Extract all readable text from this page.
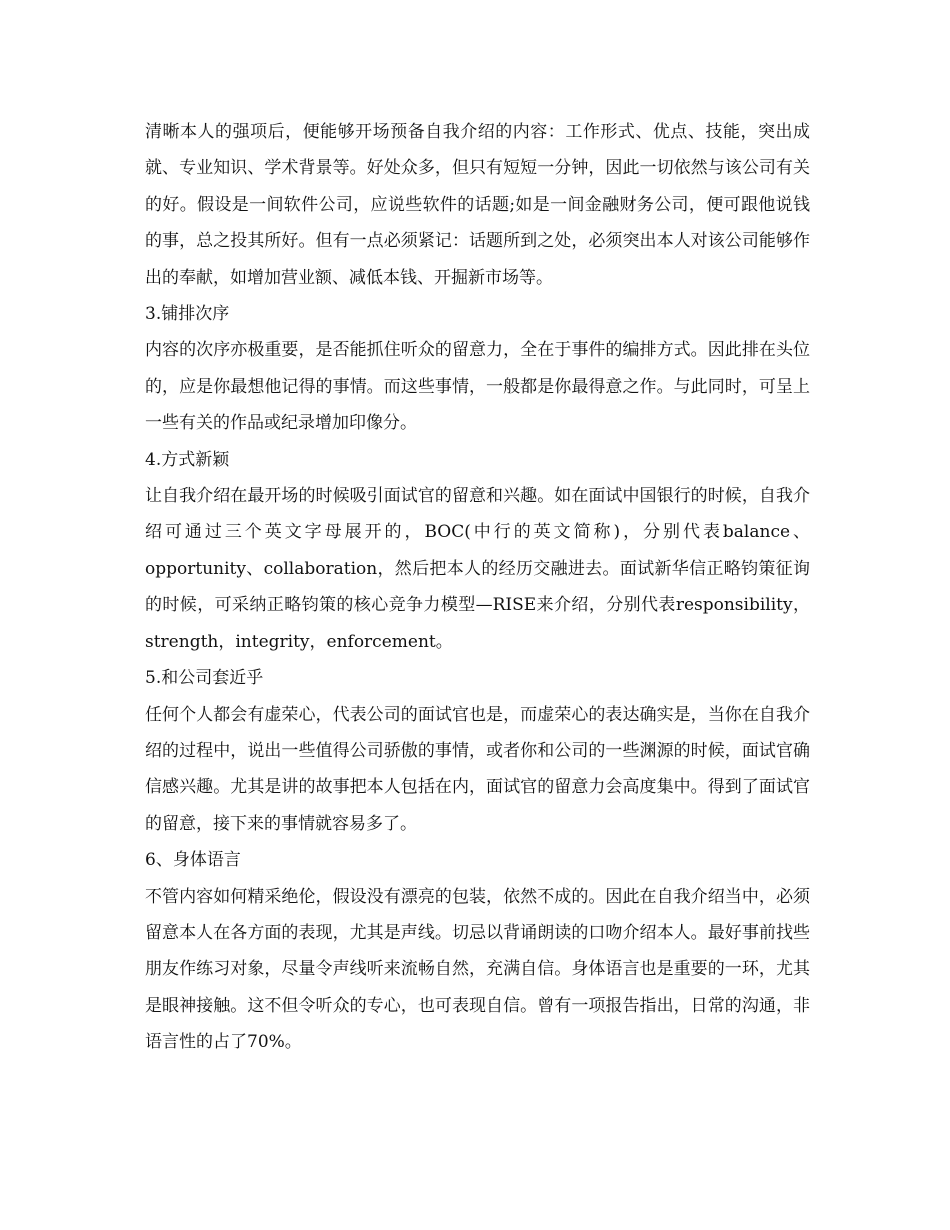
清晰本人的强项后，便能够开场预备自我介绍的内容：工作形式、优点、技能，突出成就、专业知识、学术背景等。好处众多，但只有短短一分钟，因此一切依然与该公司有关的好。假设是一间软件公司，应说些软件的话题;如是一间金融财务公司，便可跟他说钱的事，总之投其所好。但有一点必须紧记：话题所到之处，必须突出本人对该公司能够作出的奉献，如增加营业额、减低本钱、开掘新市场等。

3.铺排次序

内容的次序亦极重要，是否能抓住听众的留意力，全在于事件的编排方式。因此排在头位的，应是你最想他记得的事情。而这些事情，一般都是你最得意之作。与此同时，可呈上一些有关的作品或纪录增加印像分。

4.方式新颖

让自我介绍在最开场的时候吸引面试官的留意和兴趣。如在面试中国银行的时候，自我介绍可通过三个英文字母展开的，BOC(中行的英文简称)，分别代表balance、opportunity、collaboration，然后把本人的经历交融进去。面试新华信正略钧策征询的时候，可采纳正略钧策的核心竞争力模型—RISE来介绍，分别代表responsibility，strength，integrity，enforcement。

5.和公司套近乎

任何个人都会有虚荣心，代表公司的面试官也是，而虚荣心的表达确实是，当你在自我介绍的过程中，说出一些值得公司骄傲的事情，或者你和公司的一些渊源的时候，面试官确信感兴趣。尤其是讲的故事把本人包括在内，面试官的留意力会高度集中。得到了面试官的留意，接下来的事情就容易多了。

6、身体语言

不管内容如何精采绝伦，假设没有漂亮的包装，依然不成的。因此在自我介绍当中，必须留意本人在各方面的表现，尤其是声线。切忌以背诵朗读的口吻介绍本人。最好事前找些朋友作练习对象，尽量令声线听来流畅自然，充满自信。身体语言也是重要的一环，尤其是眼神接触。这不但令听众的专心，也可表现自信。曾有一项报告指出，日常的沟通，非语言性的占了70%。
